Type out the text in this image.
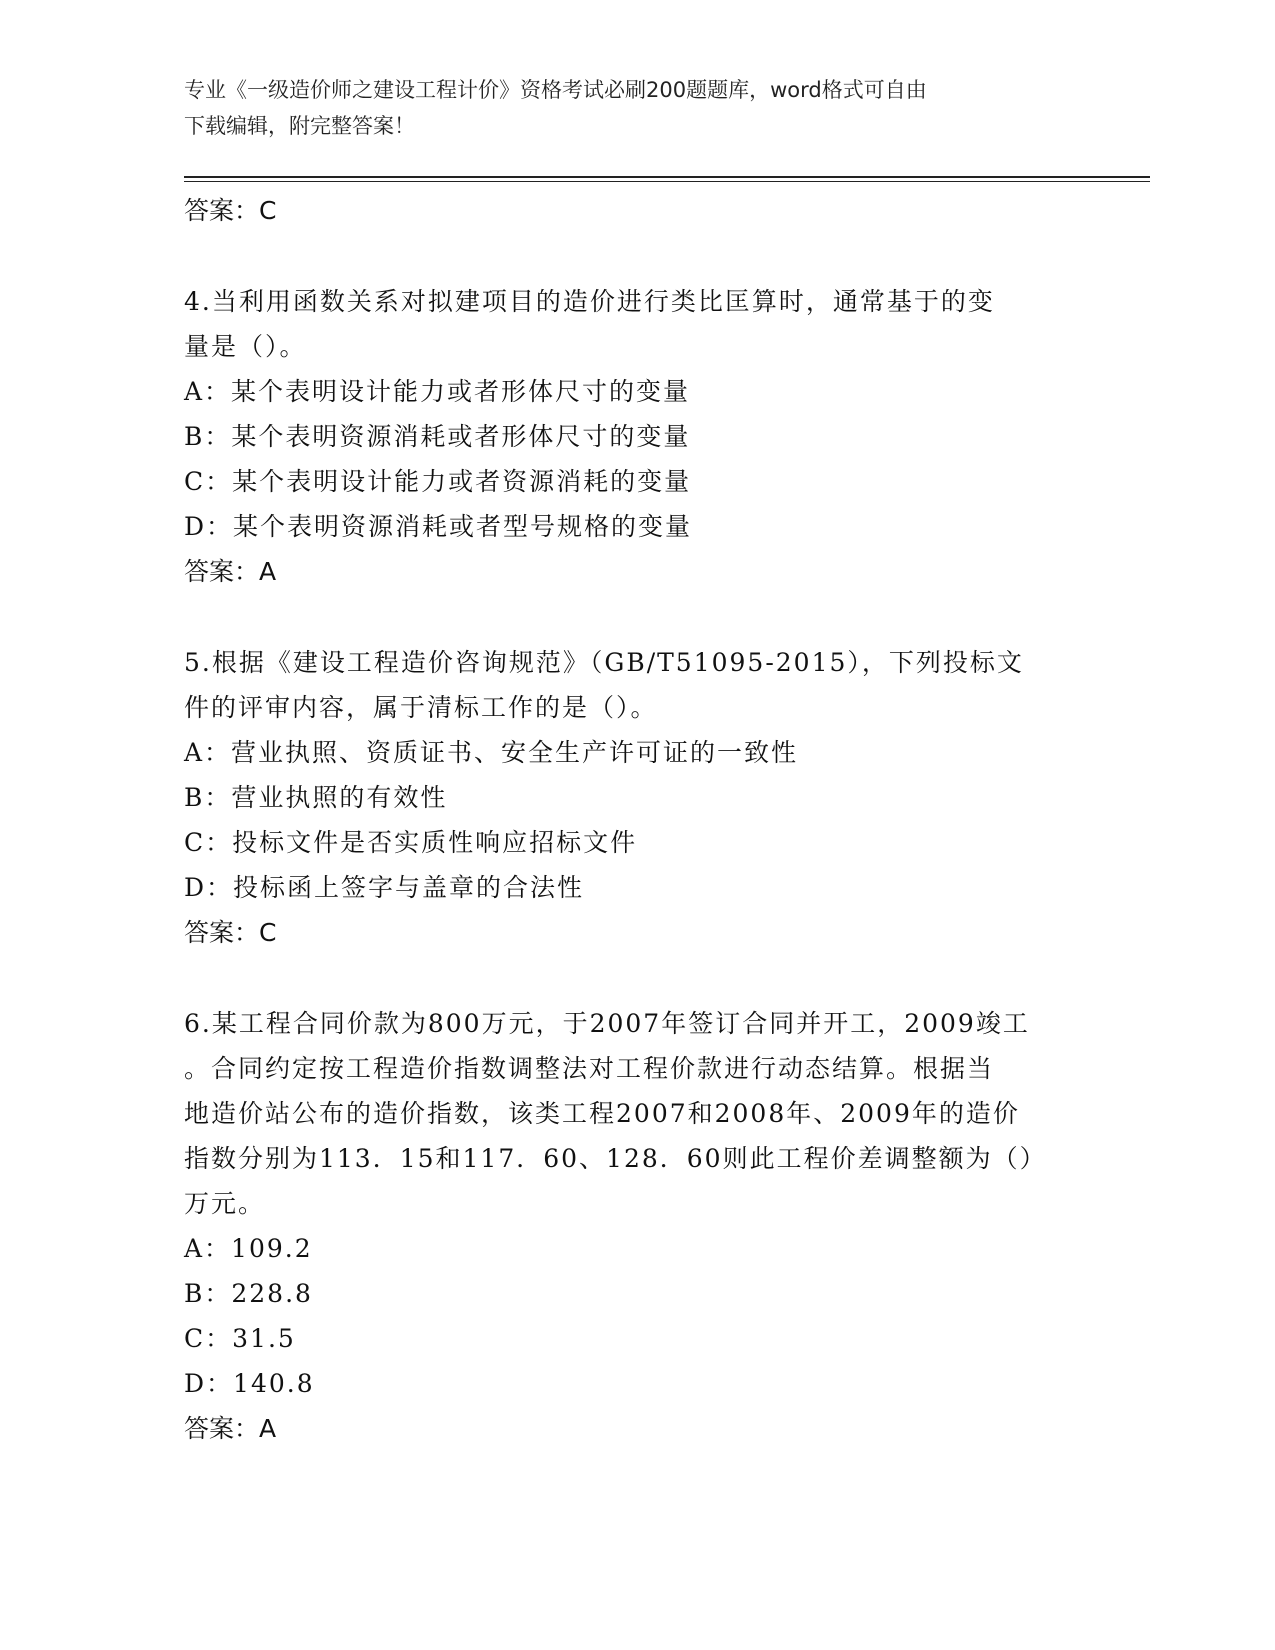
专业《一级造价师之建设工程计价》资格考试必刷200题题库，word格式可自由
下载编辑，附完整答案！
答案：C
4.当利用函数关系对拟建项目的造价进行类比匡算时，通常基于的变
量是（）。
A：某个表明设计能力或者形体尺寸的变量
B：某个表明资源消耗或者形体尺寸的变量
C：某个表明设计能力或者资源消耗的变量
D：某个表明资源消耗或者型号规格的变量
答案：A
5.根据《建设工程造价咨询规范》（GB/T51095-2015），下列投标文
件的评审内容，属于清标工作的是（）。
A：营业执照、资质证书、安全生产许可证的一致性
B：营业执照的有效性
C：投标文件是否实质性响应招标文件
D：投标函上签字与盖章的合法性
答案：C
6.某工程合同价款为800万元，于2007年签订合同并开工，2009竣工
。合同约定按工程造价指数调整法对工程价款进行动态结算。根据当
地造价站公布的造价指数，该类工程2007和2008年、2009年的造价
指数分别为113．15和117．60、128．60则此工程价差调整额为（）
万元。
A：109.2
B：228.8
C：31.5
D：140.8
答案：A
